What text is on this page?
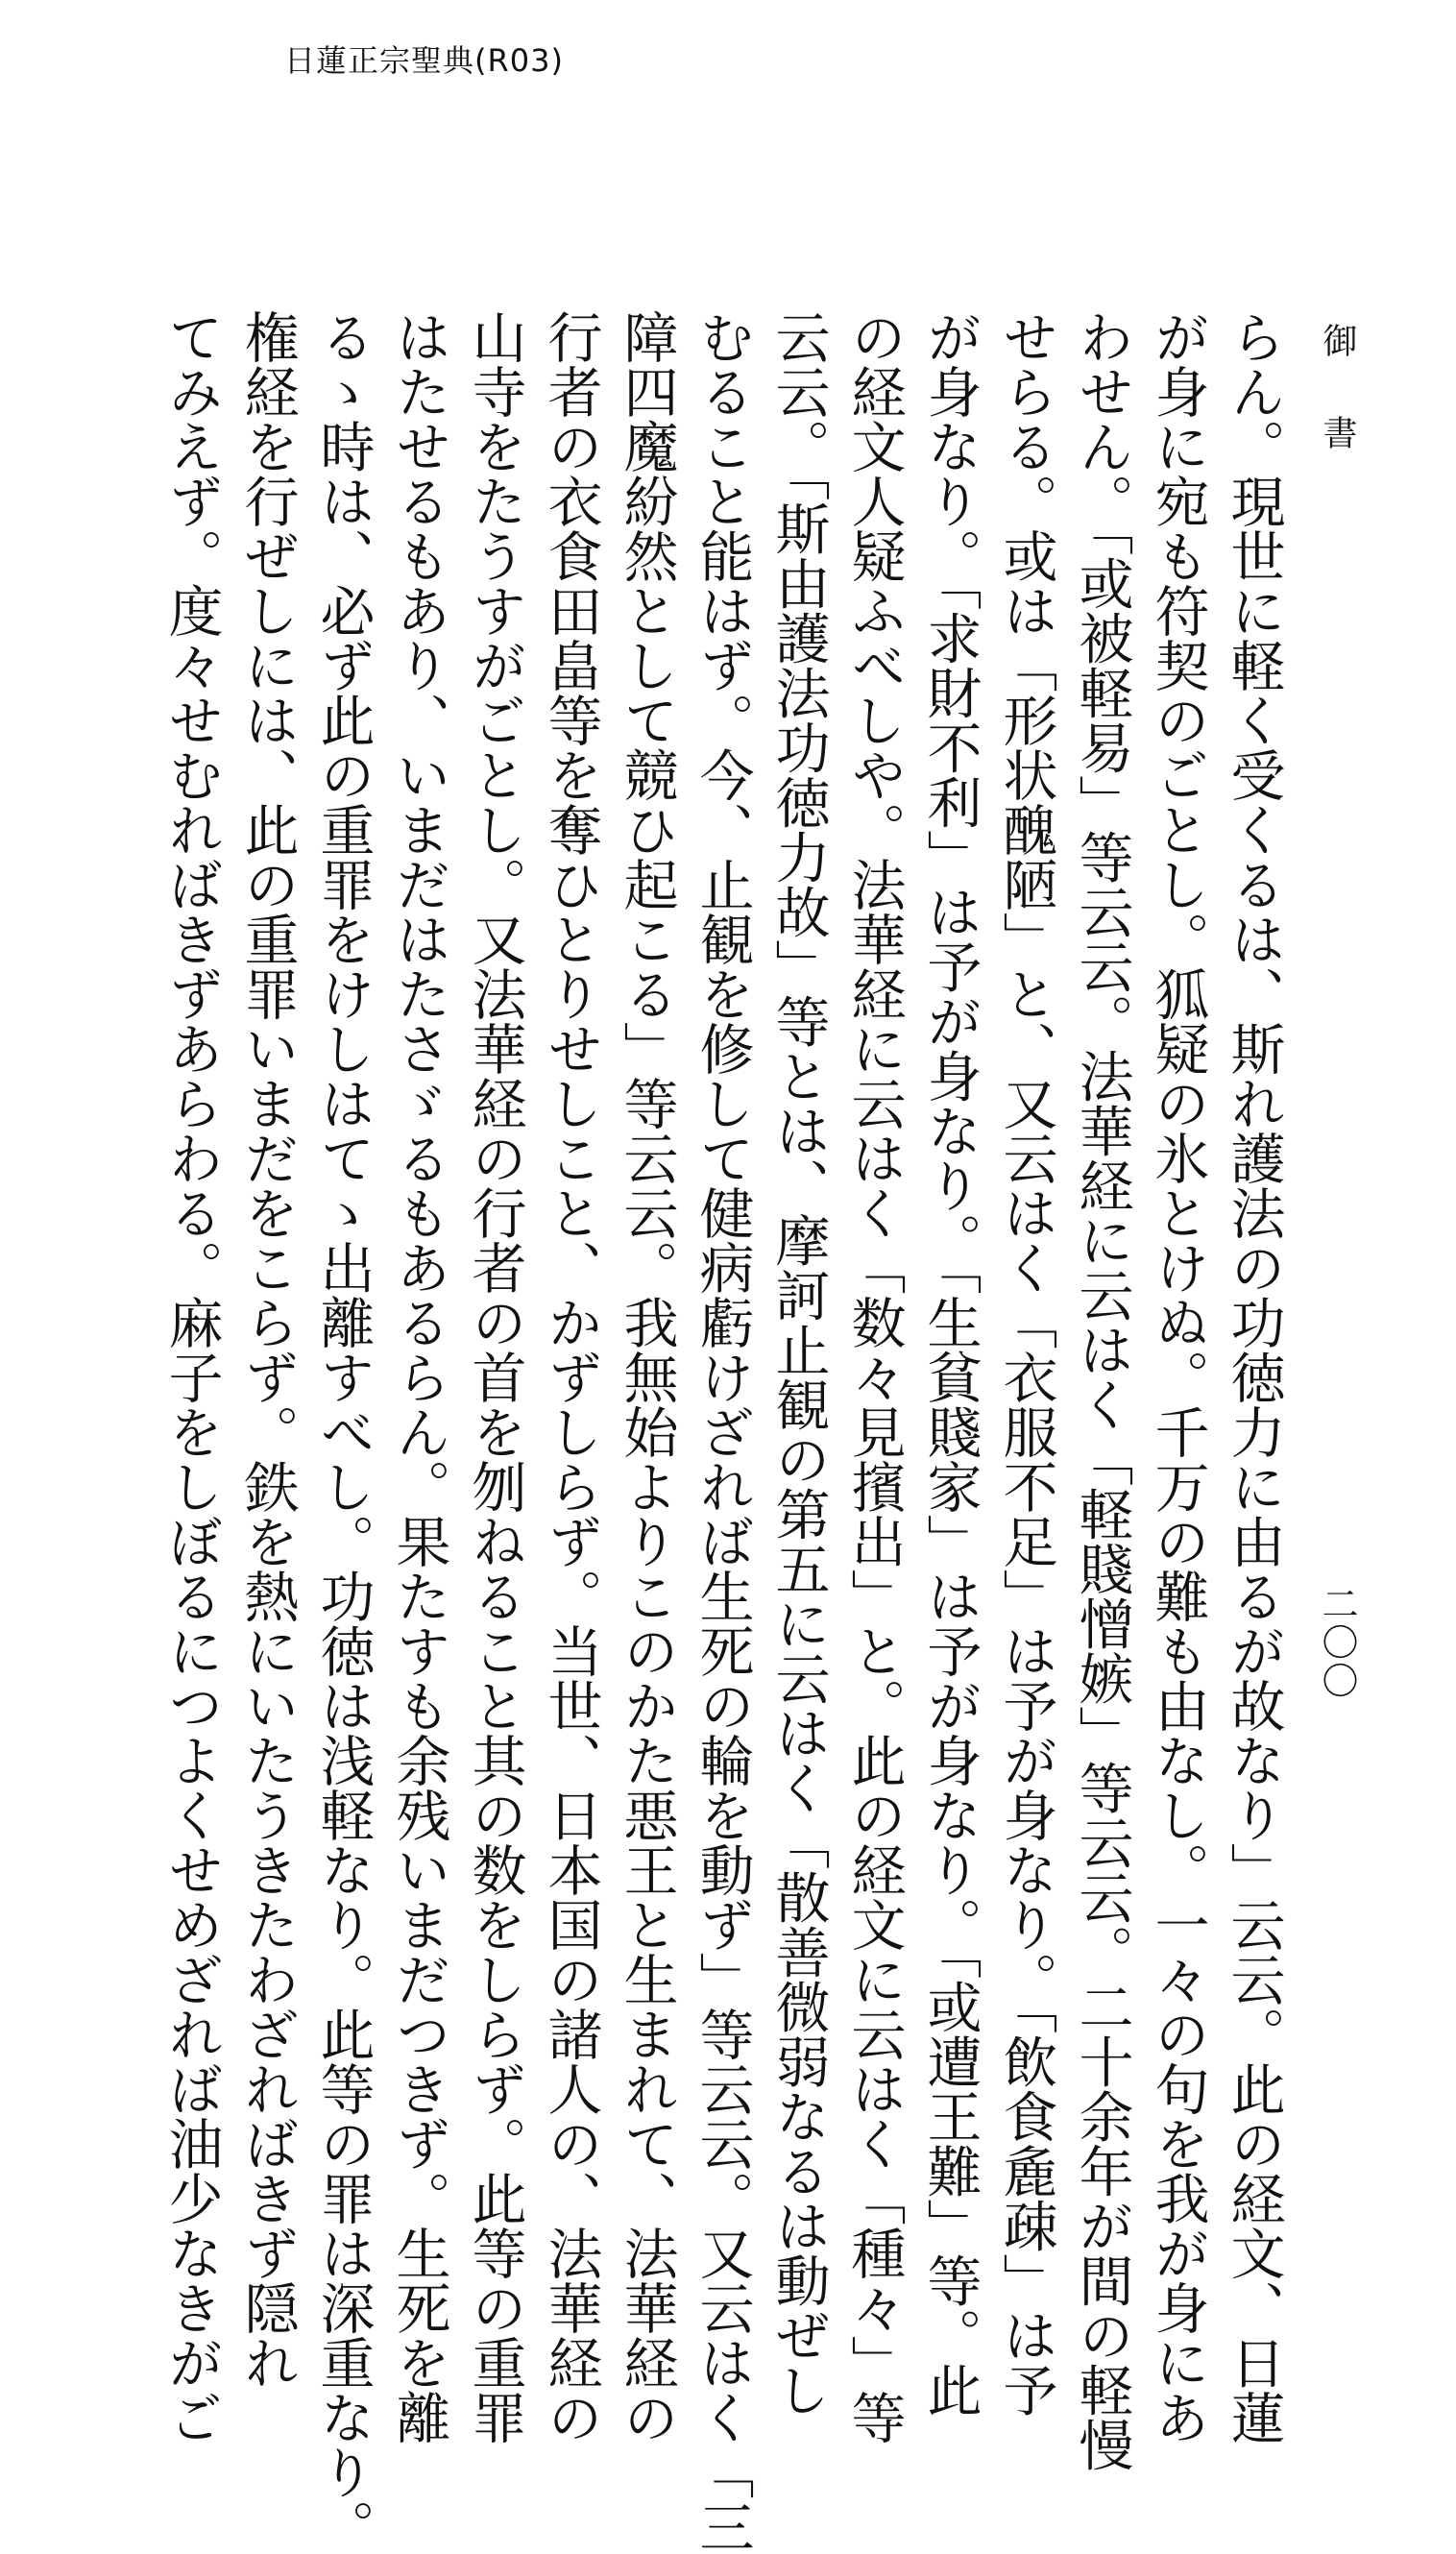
日蓮正宗聖典(R03)
御書
二〇〇
らん。現世に軽く受くるは、斯れ護法の功徳力に由るが故なり」云云。此の経文、日蓮
が身に宛も符契のごとし。狐疑の氷とけぬ。千万の難も由なし。一々の句を我が身にあ
わせん。「或被軽易」等云云。法華経に云はく「軽賤憎嫉」等云云。二十余年が間の軽慢
せらる。或は「形状醜陋」と、又云はく「衣服不足」は予が身なり。「飲食麁疎」は予
が身なり。「求財不利」は予が身なり。「生貧賤家」は予が身なり。「或遭王難」等。此
の経文人疑ふべしや。法華経に云はく「数々見擯出」と。此の経文に云はく「種々」等
云云。「斯由護法功徳力故」等とは、摩訶止観の第五に云はく「散善微弱なるは動ぜし
むること能はず。今、止観を修して健病虧けざれば生死の輪を動ず」等云云。又云はく「三
障四魔紛然として競ひ起こる」等云云。我無始よりこのかた悪王と生まれて、法華経の
行者の衣食田畠等を奪ひとりせしこと、かずしらず。当世、日本国の諸人の、法華経の
山寺をたうすがごとし。又法華経の行者の首を刎ねること其の数をしらず。此等の重罪
はたせるもあり、いまだはたさゞるもあるらん。果たすも余残いまだつきず。生死を離
るゝ時は、必ず此の重罪をけしはてゝ出離すべし。功徳は浅軽なり。此等の罪は深重なり。
権経を行ぜしには、此の重罪いまだをこらず。鉄を熱にいたうきたわざればきず隠れ
てみえず。度々せむればきずあらわる。麻子をしぼるにつよくせめざれば油少なきがご
